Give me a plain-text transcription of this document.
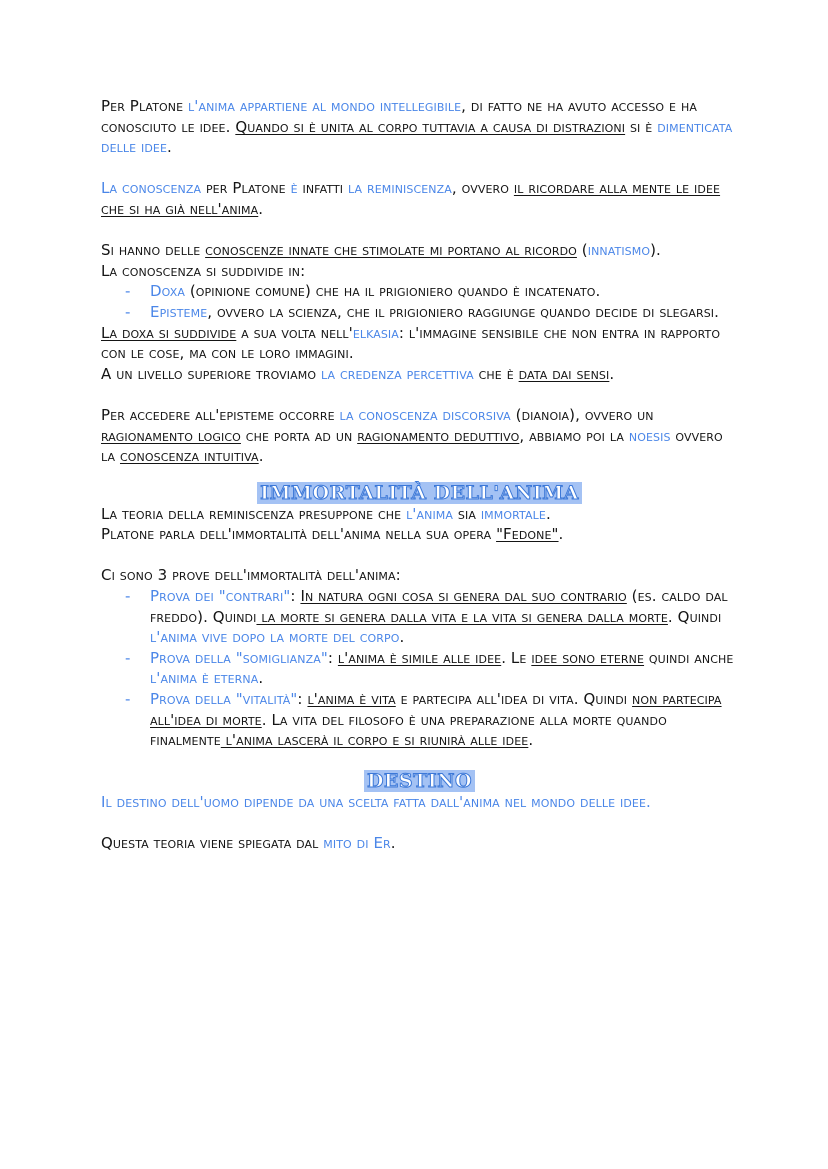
Per Platone l'anima appartiene al mondo intellegibile, di fatto ne ha avuto accesso e ha conosciuto le idee. Quando si è unita al corpo tuttavia a causa di distrazioni si è dimenticata delle idee.

La conoscenza per Platone è infatti la reminiscenza, ovvero il ricordare alla mente le idee che si ha già nell'anima.

Si hanno delle conoscenze innate che stimolate mi portano al ricordo (innatismo).

La conoscenza si suddivide in:

- Doxa (opinione comune) che ha il prigioniero quando è incatenato.
- Episteme, ovvero la scienza, che il prigioniero raggiunge quando decide di slegarsi.

La doxa si suddivide a sua volta nell'elkasia: l'immagine sensibile che non entra in rapporto con le cose, ma con le loro immagini.

A un livello superiore troviamo la credenza percettiva che è data dai sensi.

Per accedere all'episteme occorre la conoscenza discorsiva (dianoia), ovvero un ragionamento logico che porta ad un ragionamento deduttivo, abbiamo poi la noesis ovvero la conoscenza intuitiva.

IMMORTALITÀ DELL'ANIMA

La teoria della reminiscenza presuppone che l'anima sia immortale.

Platone parla dell'immortalità dell'anima nella sua opera "Fedone".

Ci sono 3 prove dell'immortalità dell'anima:

- Prova dei "contrari": In natura ogni cosa si genera dal suo contrario (es. caldo dal freddo). Quindi la morte si genera dalla vita e la vita si genera dalla morte. Quindi l'anima vive dopo la morte del corpo.
- Prova della "somiglianza": l'anima è simile alle idee. Le idee sono eterne quindi anche l'anima è eterna.
- Prova della "vitalità": l'anima è vita e partecipa all'idea di vita. Quindi non partecipa all'idea di morte. La vita del filosofo è una preparazione alla morte quando finalmente l'anima lascerà il corpo e si riunirà alle idee.
DESTINO

Il destino dell'uomo dipende da una scelta fatta dall'anima nel mondo delle idee.

Questa teoria viene spiegata dal mito di Er.
